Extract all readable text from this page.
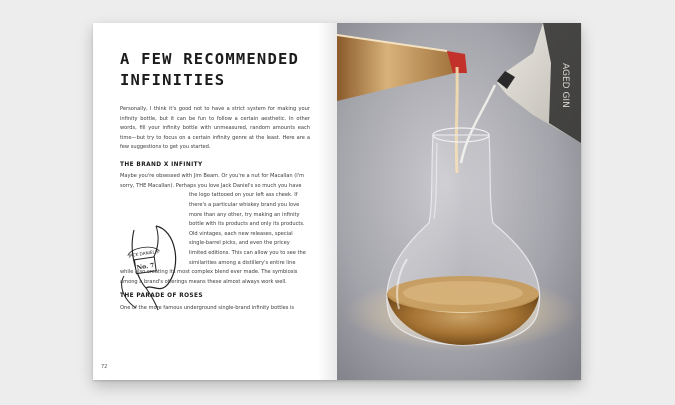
A FEW RECOMMENDED
INFINITIES

Personally, I think it's good not to have a strict system for making your infinity bottle, but it can be fun to follow a certain aesthetic. In other words, fill your infinity bottle with unmeasured, random amounts each time—but try to focus on a certain infinity genre at the least. Here are a few suggestions to get you started.

THE BRAND X INFINITY

Maybe you're obsessed with Jim Beam. Or you're a nut for Macallan (I'm
sorry, THE Macallan). Perhaps you love Jack Daniel's so much you have
JACK DANIEL'S
No. 7
the logo tattooed on your left ass cheek. If
there's a particular whiskey brand you love
more than any other, try making an infinity
bottle with its products and only its products.
Old vintages, each new releases, special
single-barrel picks, and even the pricey
limited editions. This can allow you to see the
similarities among a distillery's entire line
while also creating its most complex blend ever made. The symbiosis
among a brand's offerings means these almost always work well.

THE PARADE OF ROSES

One of the more famous underground single-brand infinity bottles is
72
AGED GIN
